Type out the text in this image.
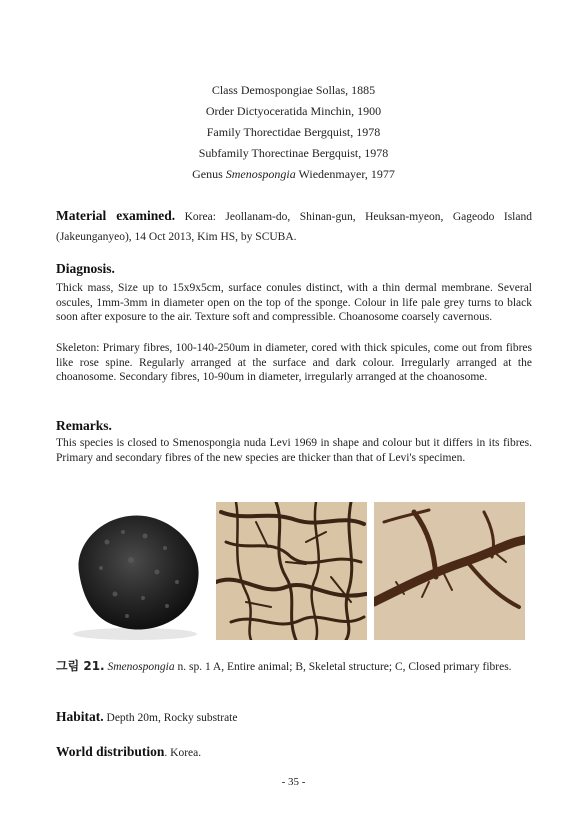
Class Demospongiae Sollas, 1885
Order Dictyoceratida Minchin, 1900
Family Thorectidae Bergquist, 1978
Subfamily Thorectinae Bergquist, 1978
Genus Smenospongia Wiedenmayer, 1977
Material examined. Korea: Jeollanam-do, Shinan-gun, Heuksan-myeon, Gageodo Island (Jakeunganyeo), 14 Oct 2013, Kim HS, by SCUBA.
Diagnosis.
Thick mass, Size up to 15x9x5cm, surface conules distinct, with a thin dermal membrane. Several oscules, 1mm-3mm in diameter open on the top of the sponge. Colour in life pale grey turns to black soon after exposure to the air. Texture soft and compressible. Choanosome coarsely cavernous.
Skeleton: Primary fibres, 100-140-250um in diameter, cored with thick spicules, come out from fibres like rose spine. Regularly arranged at the surface and dark colour. Irregularly arranged at the choanosome. Secondary fibres, 10-90um in diameter, irregularly arranged at the choanosome.
Remarks.
This species is closed to Smenospongia nuda Levi 1969 in shape and colour but it differs in its fibres. Primary and secondary fibres of the new species are thicker than that of Levi's specimen.
그림 21. Smenospongia n. sp. 1 A, Entire animal; B, Skeletal structure; C, Closed primary fibres.
Habitat. Depth 20m, Rocky substrate
World distribution. Korea.
- 35 -
